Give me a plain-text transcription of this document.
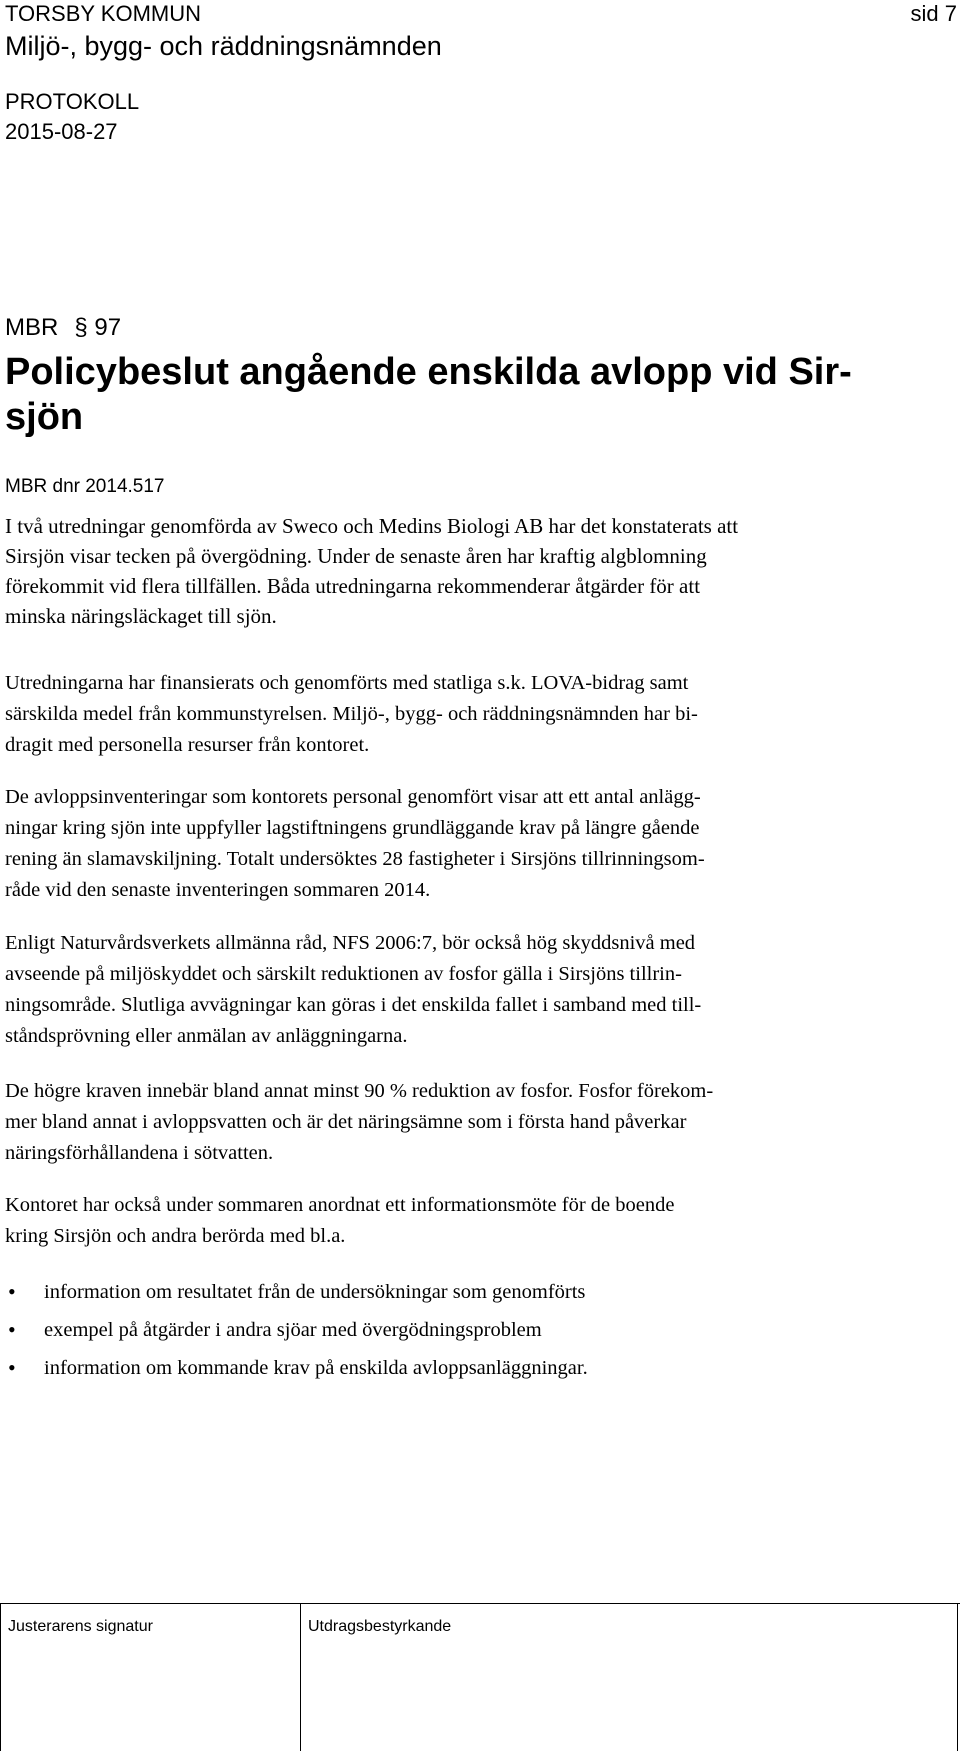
TORSBY KOMMUN	sid 7
Miljö-, bygg- och räddningsnämnden
PROTOKOLL
2015-08-27
MBR § 97
Policybeslut angående enskilda avlopp vid Sir-
sjön
MBR dnr 2014.517
I två utredningar genomförda av Sweco och Medins Biologi AB har det konstaterats att
Sirsjön visar tecken på övergödning. Under de senaste åren har kraftig algblomning
förekommit vid flera tillfällen. Båda utredningarna rekommenderar åtgärder för att
minska näringsläckaget till sjön.
Utredningarna har finansierats och genomförts med statliga s.k. LOVA-bidrag samt
särskilda medel från kommunstyrelsen. Miljö-, bygg- och räddningsnämnden har bi-
dragit med personella resurser från kontoret.
De avloppsinventeringar som kontorets personal genomfört visar att ett antal anlägg-
ningar kring sjön inte uppfyller lagstiftningens grundläggande krav på längre gående
rening än slamavskiljning. Totalt undersöktes 28 fastigheter i Sirsjöns tillrinningsom-
råde vid den senaste inventeringen sommaren 2014.
Enligt Naturvårdsverkets allmänna råd, NFS 2006:7, bör också hög skyddsnivå med
avseende på miljöskyddet och särskilt reduktionen av fosfor gälla i Sirsjöns tillrin-
ningsområde. Slutliga avvägningar kan göras i det enskilda fallet i samband med till-
ståndsprövning eller anmälan av anläggningarna.
De högre kraven innebär bland annat minst 90 % reduktion av fosfor. Fosfor förekom-
mer bland annat i avloppsvatten och är det näringsämne som i första hand påverkar
näringsförhållandena i sötvatten.
Kontoret har också under sommaren anordnat ett informationsmöte för de boende
kring Sirsjön och andra berörda med bl.a.
• information om resultatet från de undersökningar som genomförts
• exempel på åtgärder i andra sjöar med övergödningsproblem
• information om kommande krav på enskilda avloppsanläggningar.
Justerarens signatur	Utdragsbestyrkande
